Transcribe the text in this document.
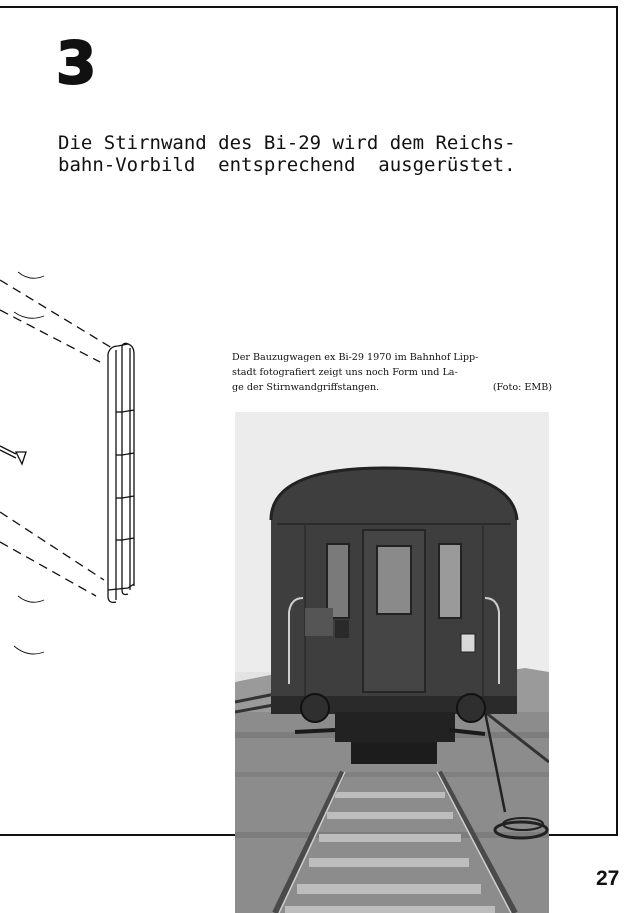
3
Die Stirnwand des Bi-29 wird dem Reichs-
bahn-Vorbild  entsprechend  ausgerüstet.
Der Bauzugwagen ex Bi-29 1970 im Bahnhof Lipp-
stadt fotografiert zeigt uns noch Form und La-
ge der Stirnwandgriffstangen.	(Foto: EMB)
27
